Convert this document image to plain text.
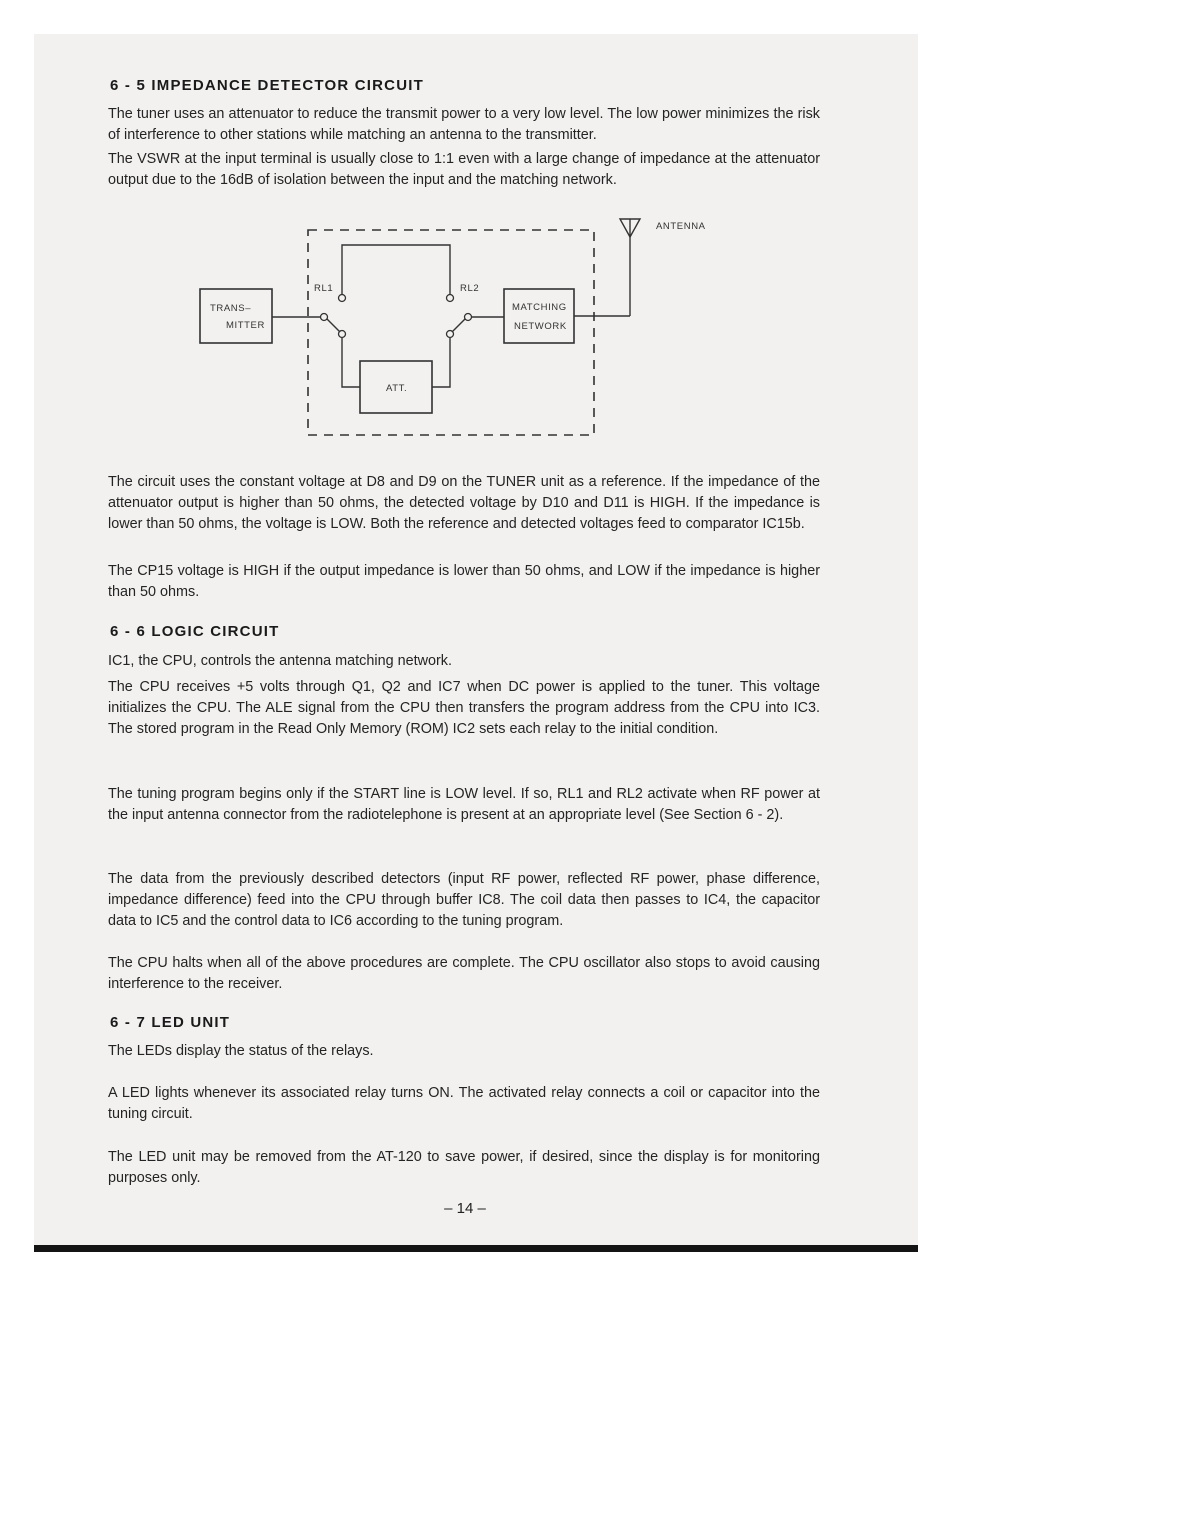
6 - 5 IMPEDANCE DETECTOR CIRCUIT

The tuner uses an attenuator to reduce the transmit power to a very low level. The low power minimizes the risk of interference to other stations while matching an antenna to the transmitter.

The VSWR at the input terminal is usually close to 1:1 even with a large change of impedance at the attenuator output due to the 16dB of isolation between the input and the matching network.

ANTENNA
TRANS–
MITTER
RL1	RL2
ATT.
MATCHING
NETWORK

The circuit uses the constant voltage at D8 and D9 on the TUNER unit as a reference. If the impedance of the attenuator output is higher than 50 ohms, the detected voltage by D10 and D11 is HIGH. If the impedance is lower than 50 ohms, the voltage is LOW. Both the reference and detected voltages feed to comparator IC15b.

The CP15 voltage is HIGH if the output impedance is lower than 50 ohms, and LOW if the impedance is higher than 50 ohms.

6 - 6 LOGIC CIRCUIT

IC1, the CPU, controls the antenna matching network.

The CPU receives +5 volts through Q1, Q2 and IC7 when DC power is applied to the tuner. This voltage initializes the CPU. The ALE signal from the CPU then transfers the program address from the CPU into IC3. The stored program in the Read Only Memory (ROM) IC2 sets each relay to the initial condition.

The tuning program begins only if the START line is LOW level. If so, RL1 and RL2 activate when RF power at the input antenna connector from the radiotelephone is present at an appropriate level (See Section 6 - 2).

The data from the previously described detectors (input RF power, reflected RF power, phase difference, impedance difference) feed into the CPU through buffer IC8. The coil data then passes to IC4, the capacitor data to IC5 and the control data to IC6 according to the tuning program.

The CPU halts when all of the above procedures are complete. The CPU oscillator also stops to avoid causing interference to the receiver.

6 - 7 LED UNIT

The LEDs display the status of the relays.

A LED lights whenever its associated relay turns ON. The activated relay connects a coil or capacitor into the tuning circuit.

The LED unit may be removed from the AT-120 to save power, if desired, since the display is for monitoring purposes only.

– 14 –
